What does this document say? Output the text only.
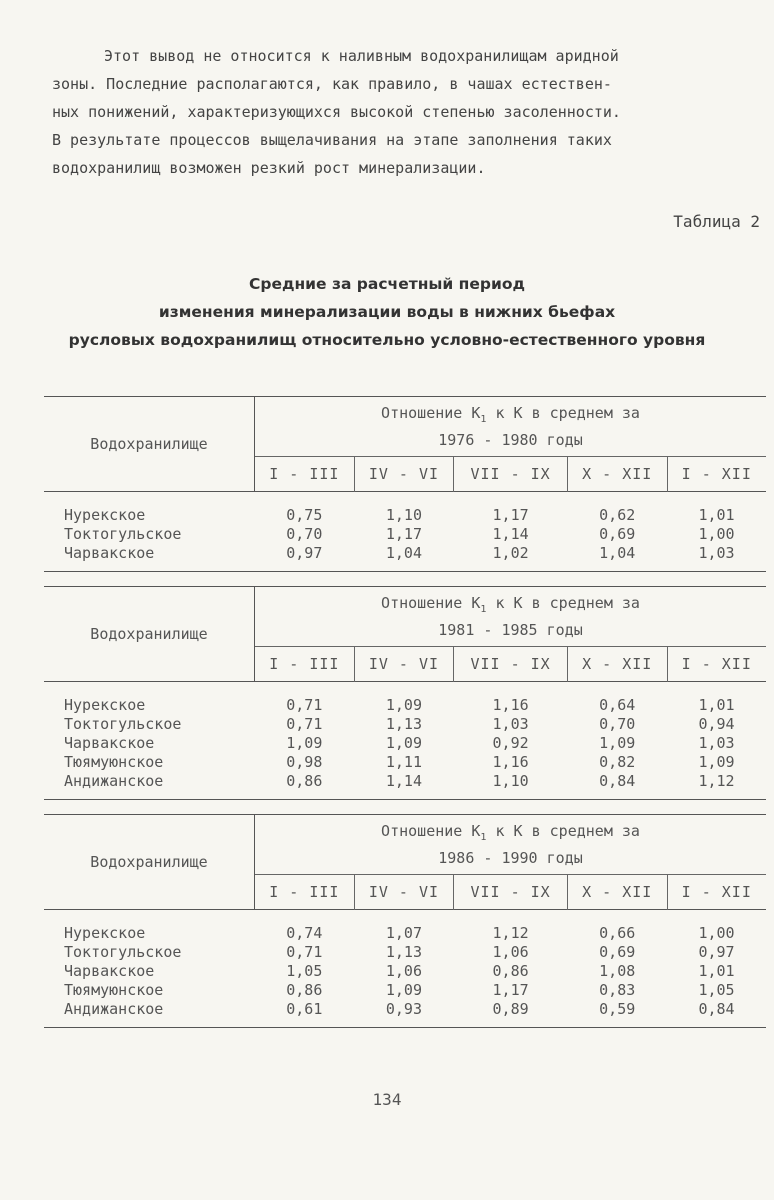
Этот вывод не относится к наливным водохранилищам аридной
зоны. Последние располагаются, как правило, в чашах естествен-
ных понижений, характеризующихся высокой степенью засоленности.
В результате процессов выщелачивания на этапе заполнения таких
водохранилищ возможен резкий рост минерализации.
Таблица 2
Средние за расчетный период
изменения минерализации воды в нижних бьефах
русловых водохранилищ относительно условно-естественного уровня
Водохранилище	Отношение $К_1$ к К в среднем за
1976 - 1980 годы				
	I - III	IV - VI	VII - IX	X - XII	I - XII

Нурекское	0,75	1,10	1,17	0,62	1,01
Токтогульское	0,70	1,17	1,14	0,69	1,00
Чарвакское	0,97	1,04	1,02	1,04	1,03

Водохранилище	Отношение $К_1$ к К в среднем за
1981 - 1985 годы				
	I - III	IV - VI	VII - IX	X - XII	I - XII

Нурекское	0,71	1,09	1,16	0,64	1,01
Токтогульское	0,71	1,13	1,03	0,70	0,94
Чарвакское	1,09	1,09	0,92	1,09	1,03
Тюямуюнское	0,98	1,11	1,16	0,82	1,09
Андижанское	0,86	1,14	1,10	0,84	1,12

Водохранилище	Отношение $К_1$ к К в среднем за
1986 - 1990 годы				
	I - III	IV - VI	VII - IX	X - XII	I - XII

Нурекское	0,74	1,07	1,12	0,66	1,00
Токтогульское	0,71	1,13	1,06	0,69	0,97
Чарвакское	1,05	1,06	0,86	1,08	1,01
Тюямуюнское	0,86	1,09	1,17	0,83	1,05
Андижанское	0,61	0,93	0,89	0,59	0,84

134
